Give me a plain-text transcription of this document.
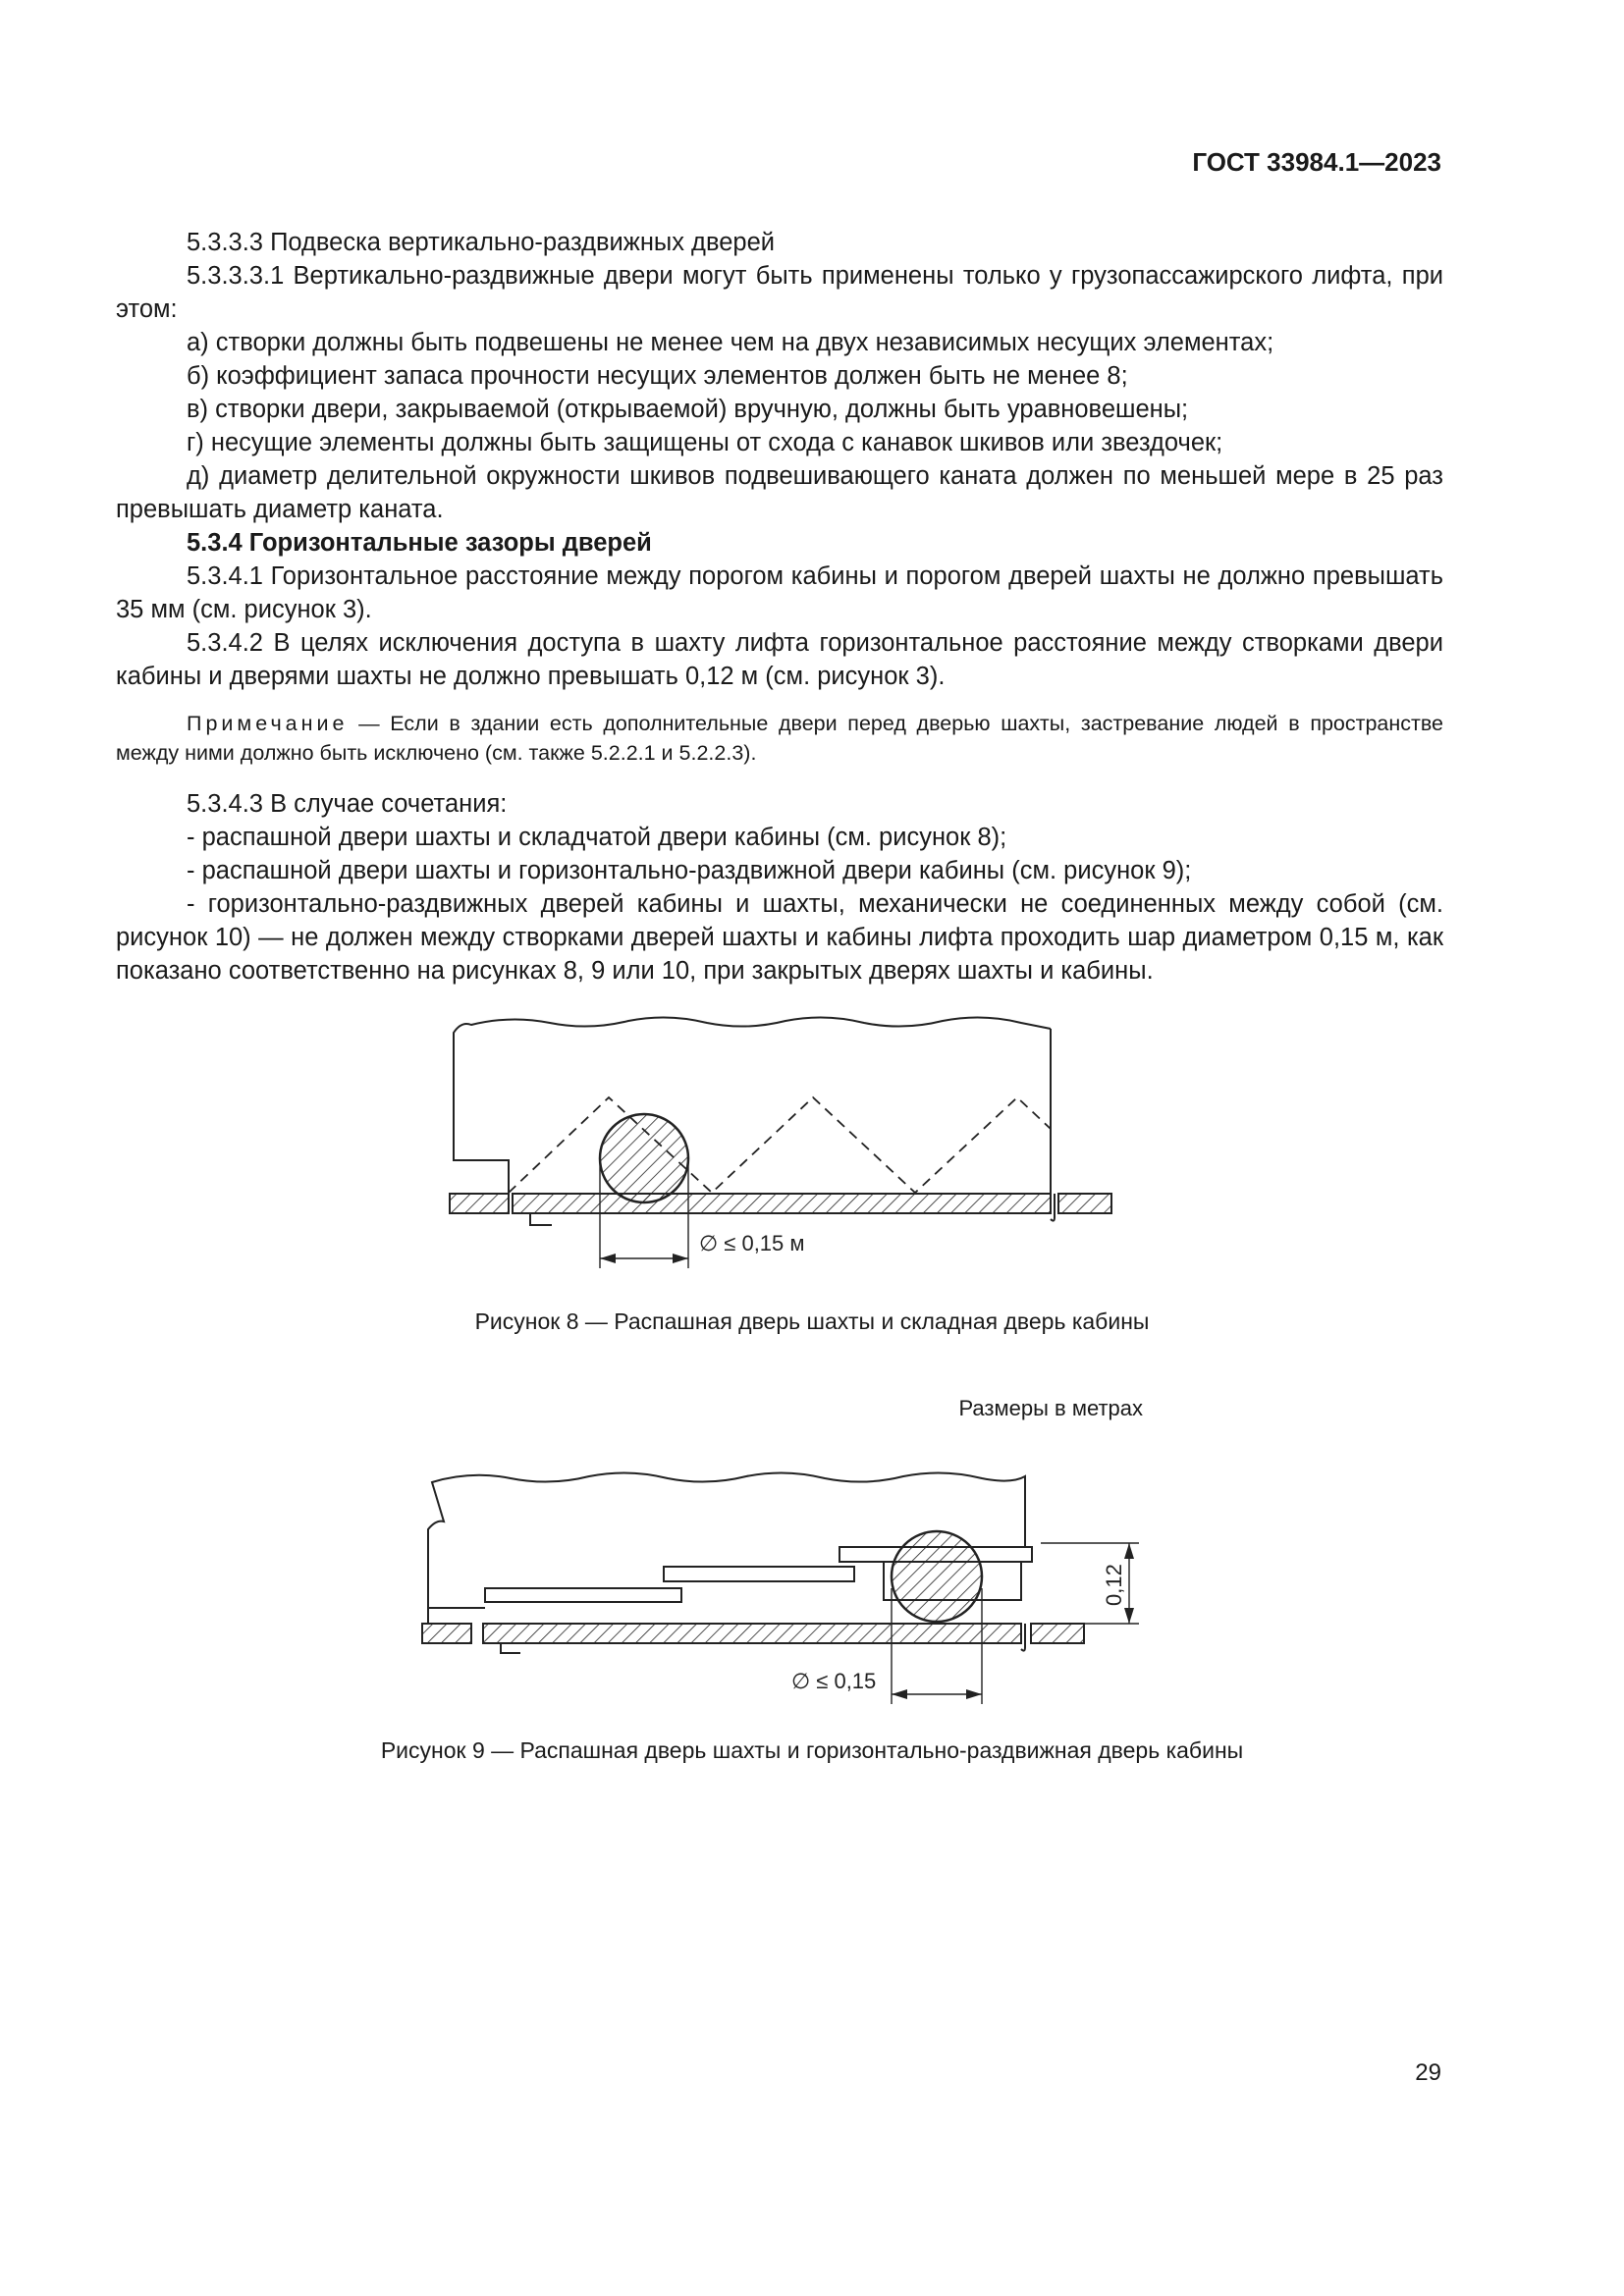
ГОСТ 33984.1—2023

5.3.3.3 Подвеска вертикально-раздвижных дверей

5.3.3.3.1 Вертикально-раздвижные двери могут быть применены только у грузопассажирского лифта, при этом:

а) створки должны быть подвешены не менее чем на двух независимых несущих элементах;

б) коэффициент запаса прочности несущих элементов должен быть не менее 8;

в) створки двери, закрываемой (открываемой) вручную, должны быть уравновешены;

г) несущие элементы должны быть защищены от схода с канавок шкивов или звездочек;

д) диаметр делительной окружности шкивов подвешивающего каната должен по меньшей мере в 25 раз превышать диаметр каната.

5.3.4 Горизонтальные зазоры дверей

5.3.4.1 Горизонтальное расстояние между порогом кабины и порогом дверей шахты не должно превышать 35 мм (см. рисунок 3).

5.3.4.2 В целях исключения доступа в шахту лифта горизонтальное расстояние между створками двери кабины и дверями шахты не должно превышать 0,12 м (см. рисунок 3).

Примечание — Если в здании есть дополнительные двери перед дверью шахты, застревание людей в пространстве между ними должно быть исключено (см. также 5.2.2.1 и 5.2.2.3).

5.3.4.3 В случае сочетания:

- распашной двери шахты и складчатой двери кабины (см. рисунок 8);

- распашной двери шахты и горизонтально-раздвижной двери кабины (см. рисунок 9);

- горизонтально-раздвижных дверей кабины и шахты, механически не соединенных между собой (см. рисунок 10) — не должен между створками дверей шахты и кабины лифта проходить шар диаметром 0,15 м, как показано соответственно на рисунках 8, 9 или 10, при закрытых дверях шахты и кабины.

∅ ≤ 0,15 м
Рисунок 8 — Распашная дверь шахты и складная дверь кабины
Размеры в метрах
∅ ≤ 0,15
0,12
Рисунок 9 — Распашная дверь шахты и горизонтально-раздвижная дверь кабины
29
